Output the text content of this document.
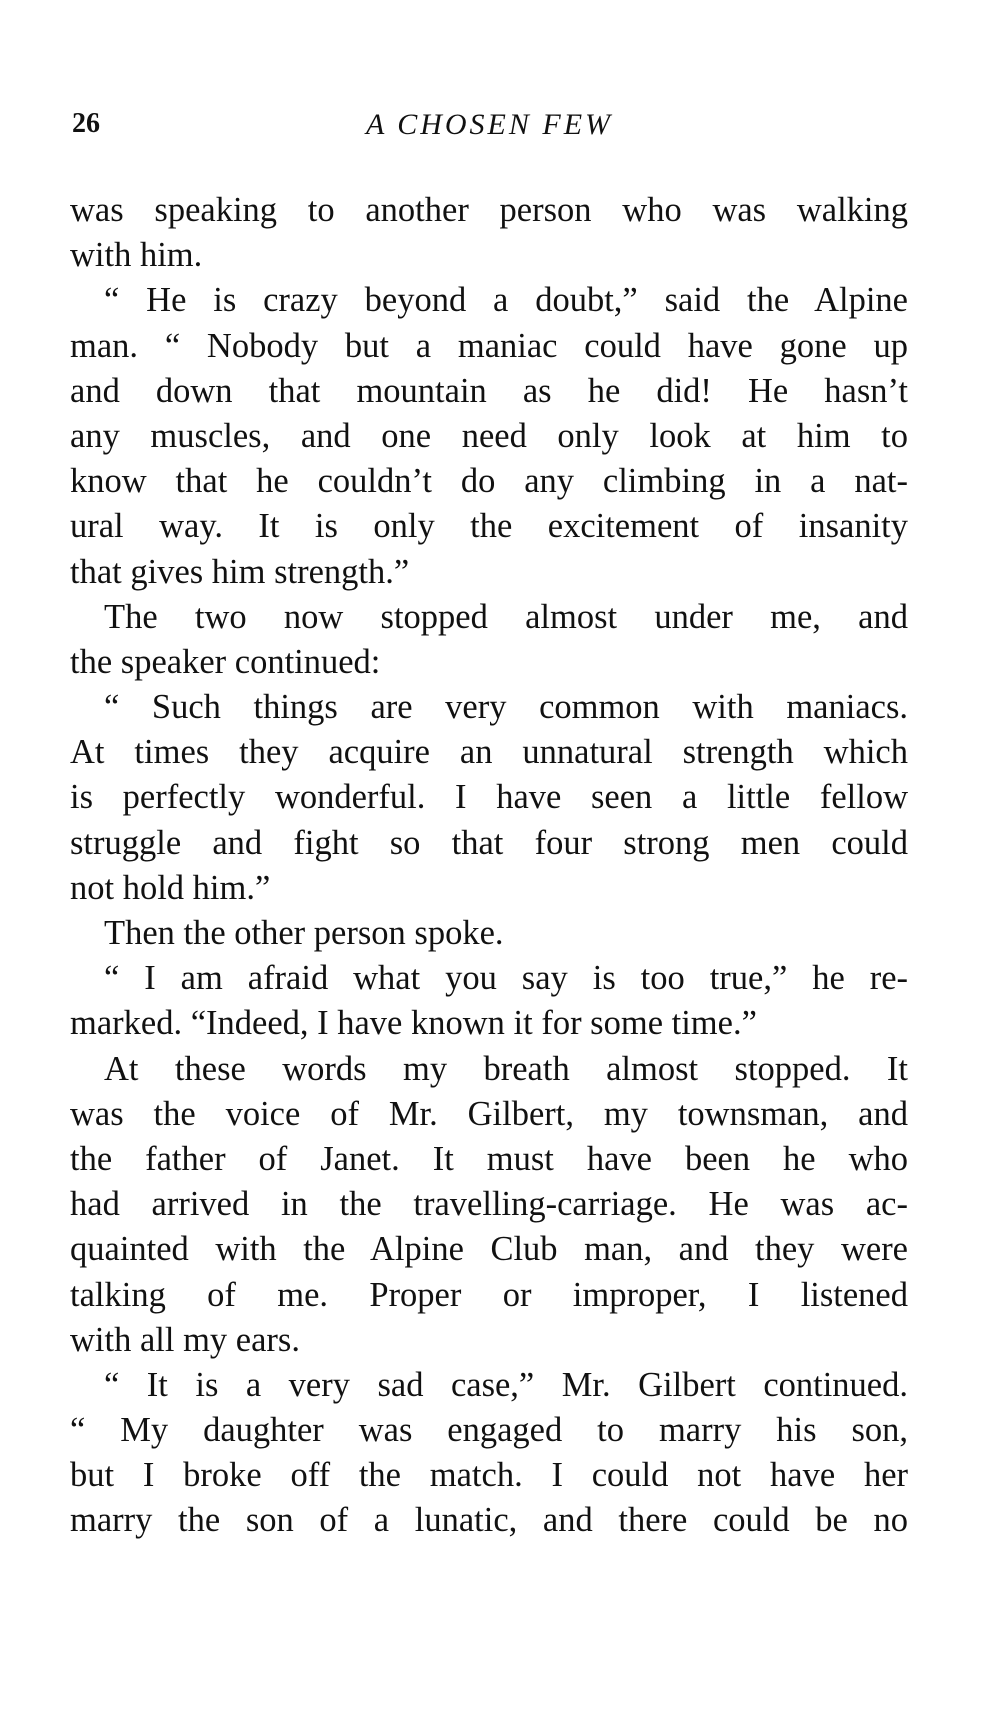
26	A CHOSEN FEW
was speaking to another person who was walking
with him.
“ He is crazy beyond a doubt,” said the Alpine
man. “ Nobody but a maniac could have gone up
and down that mountain as he did! He hasn’t
any muscles, and one need only look at him to
know that he couldn’t do any climbing in a nat-
ural way. It is only the excitement of insanity
that gives him strength.”
The two now stopped almost under me, and
the speaker continued:
“ Such things are very common with maniacs.
At times they acquire an unnatural strength which
is perfectly wonderful. I have seen a little fellow
struggle and fight so that four strong men could
not hold him.”
Then the other person spoke.
“ I am afraid what you say is too true,” he re-
marked. “Indeed, I have known it for some time.”
At these words my breath almost stopped. It
was the voice of Mr. Gilbert, my townsman, and
the father of Janet. It must have been he who
had arrived in the travelling-carriage. He was ac-
quainted with the Alpine Club man, and they were
talking of me. Proper or improper, I listened
with all my ears.
“ It is a very sad case,” Mr. Gilbert continued.
“ My daughter was engaged to marry his son,
but I broke off the match. I could not have her
marry the son of a lunatic, and there could be no
